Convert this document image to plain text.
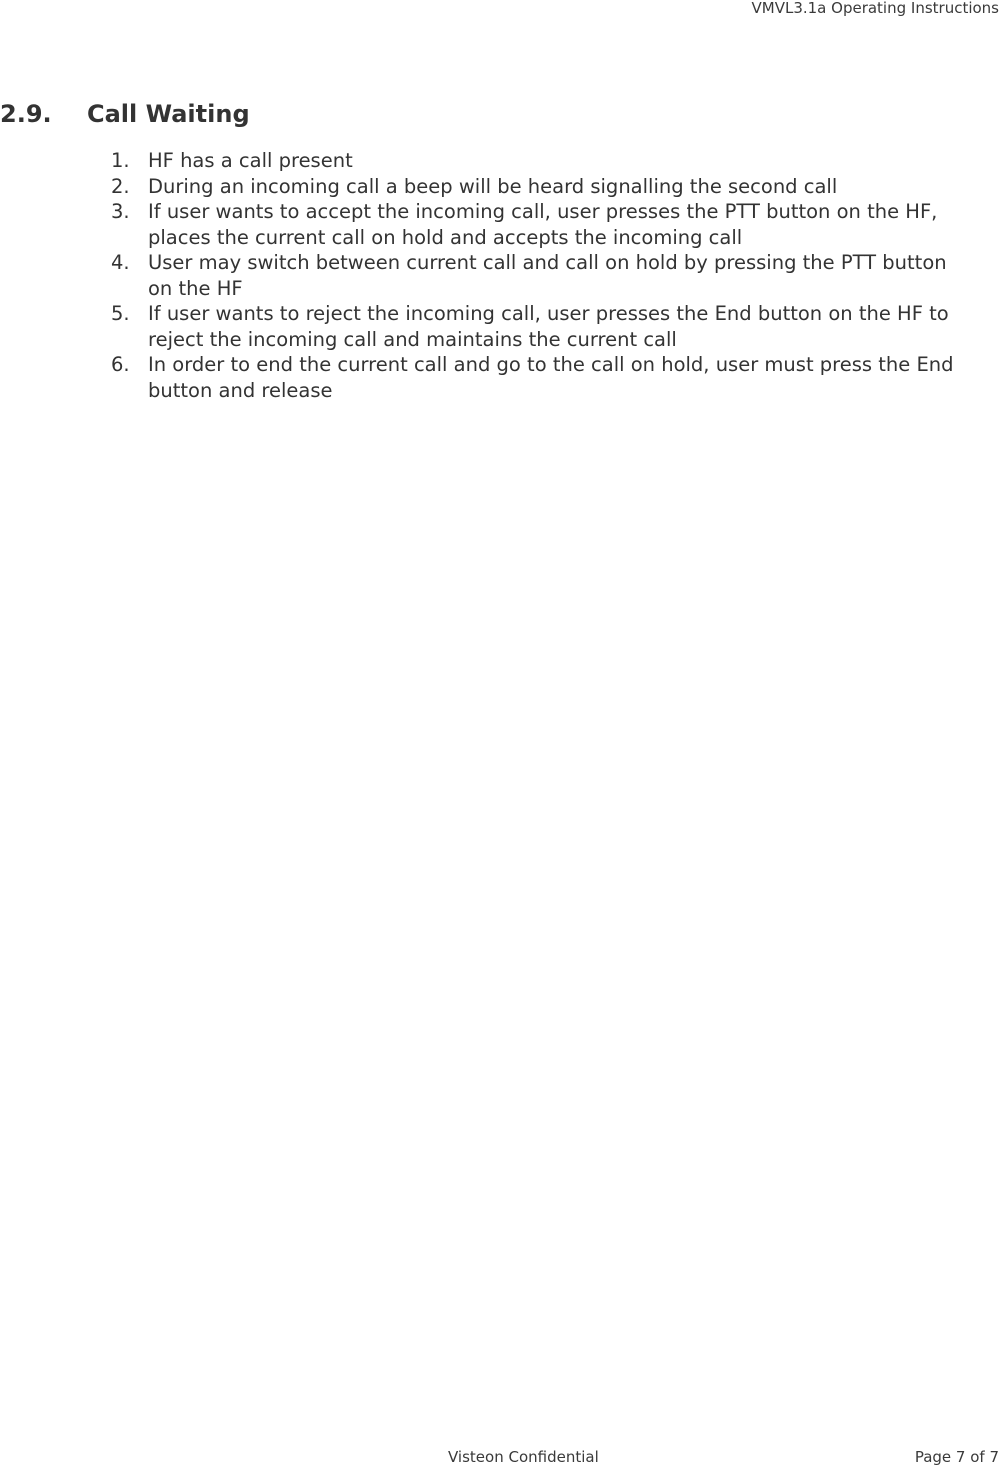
VMVL3.1a Operating Instructions
2.9. Call Waiting
1. HF has a call present
2. During an incoming call a beep will be heard signalling the second call
3. If user wants to accept the incoming call, user presses the PTT button on the HF, places the current call on hold and accepts the incoming call
4. User may switch between current call and call on hold by pressing the PTT button on the HF
5. If user wants to reject the incoming call, user presses the End button on the HF to reject the incoming call and maintains the current call
6. In order to end the current call and go to the call on hold, user must press the End button and release
Visteon Confidential	Page 7 of 7
